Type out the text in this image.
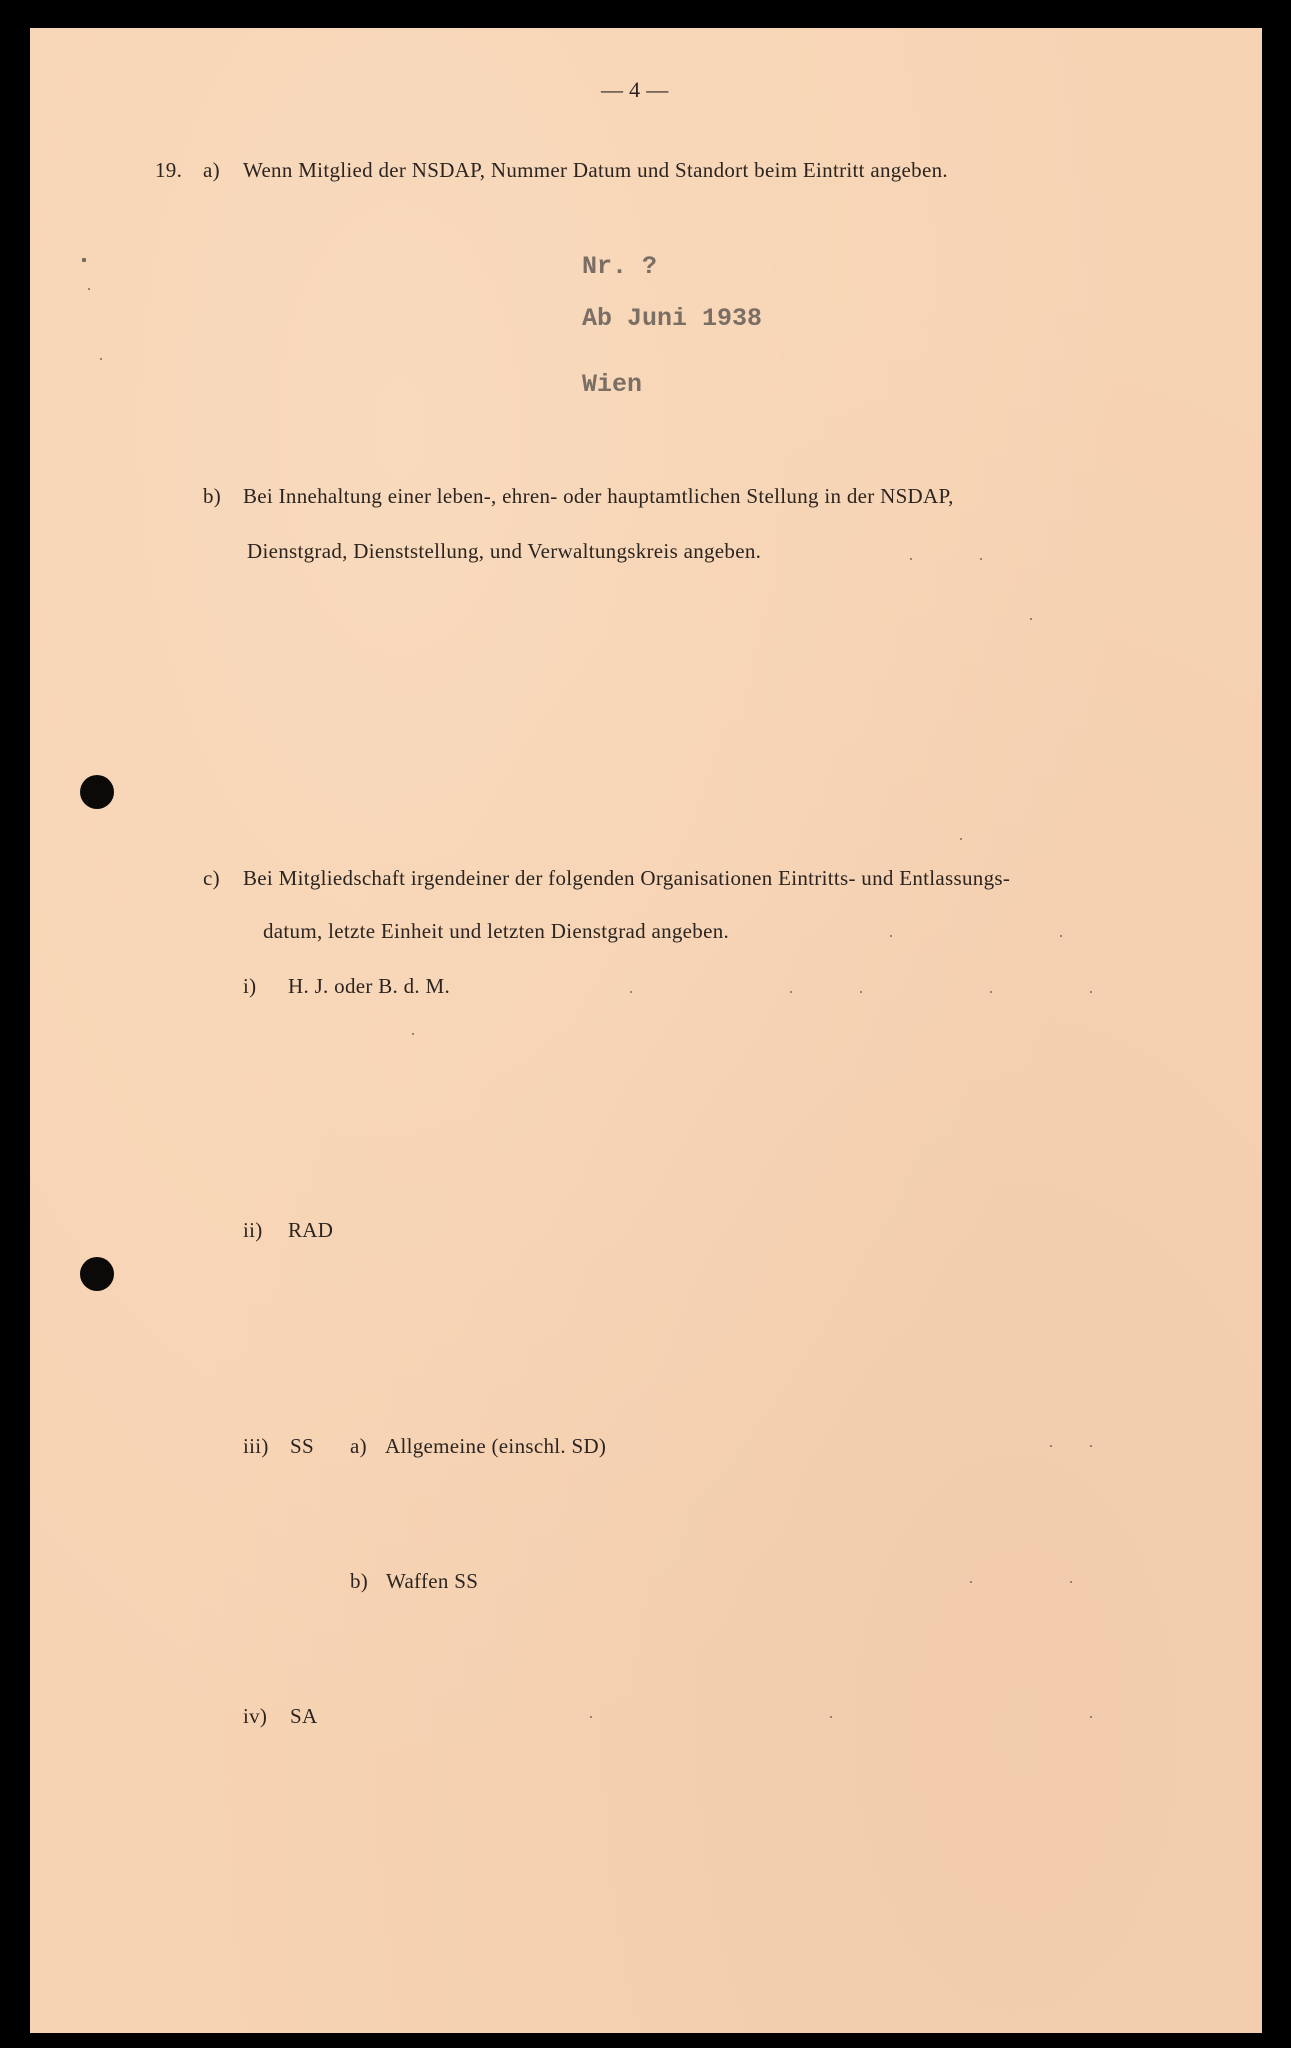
— 4 —
19. a) Wenn Mitglied der NSDAP, Nummer Datum und Standort beim Eintritt angeben.
Nr. ?
Ab Juni 1938
Wien
b) Bei Innehaltung einer leben-, ehren- oder hauptamtlichen Stellung in der NSDAP,
Dienstgrad, Dienststellung, und Verwaltungskreis angeben.
c) Bei Mitgliedschaft irgendeiner der folgenden Organisationen Eintritts- und Entlassungs-
datum, letzte Einheit und letzten Dienstgrad angeben.
i) H. J. oder B. d. M.
ii) RAD
iii) SS a) Allgemeine (einschl. SD)
b) Waffen SS
iv) SA
